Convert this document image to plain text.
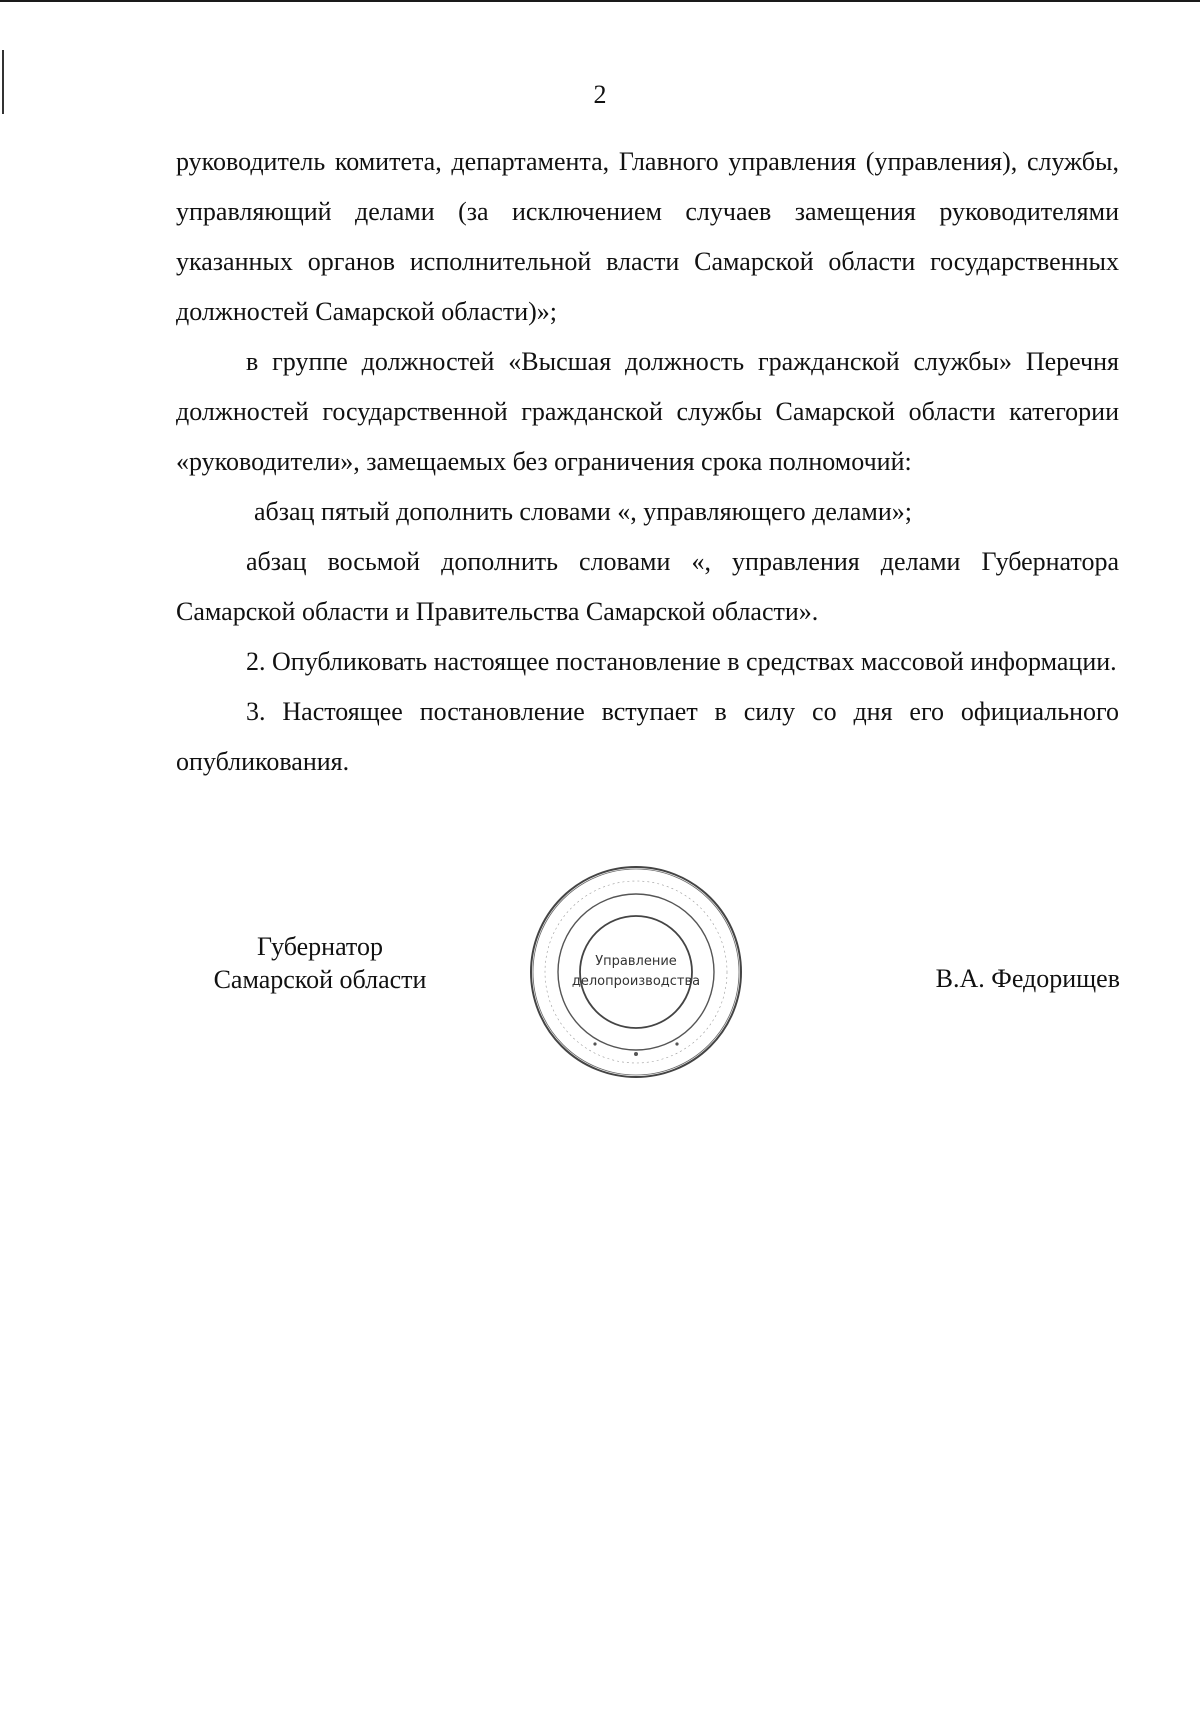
2

руководитель комитета, департамента, Главного управления (управления), службы, управляющий делами (за исключением случаев замещения руководителями указанных органов исполнительной власти Самарской области государственных должностей Самарской области)»;

в группе должностей «Высшая должность гражданской службы» Перечня должностей государственной гражданской службы Самарской области категории «руководители», замещаемых без ограничения срока полномочий:

абзац пятый дополнить словами «, управляющего делами»;

абзац восьмой дополнить словами «, управления делами Губернатора Самарской области и Правительства Самарской области».

2. Опубликовать настоящее постановление в средствах массовой информации.

3. Настоящее постановление вступает в силу со дня его официального опубликования.

Губернатор
Самарской области
Управление
делопроизводства	В.А. Федорищев
